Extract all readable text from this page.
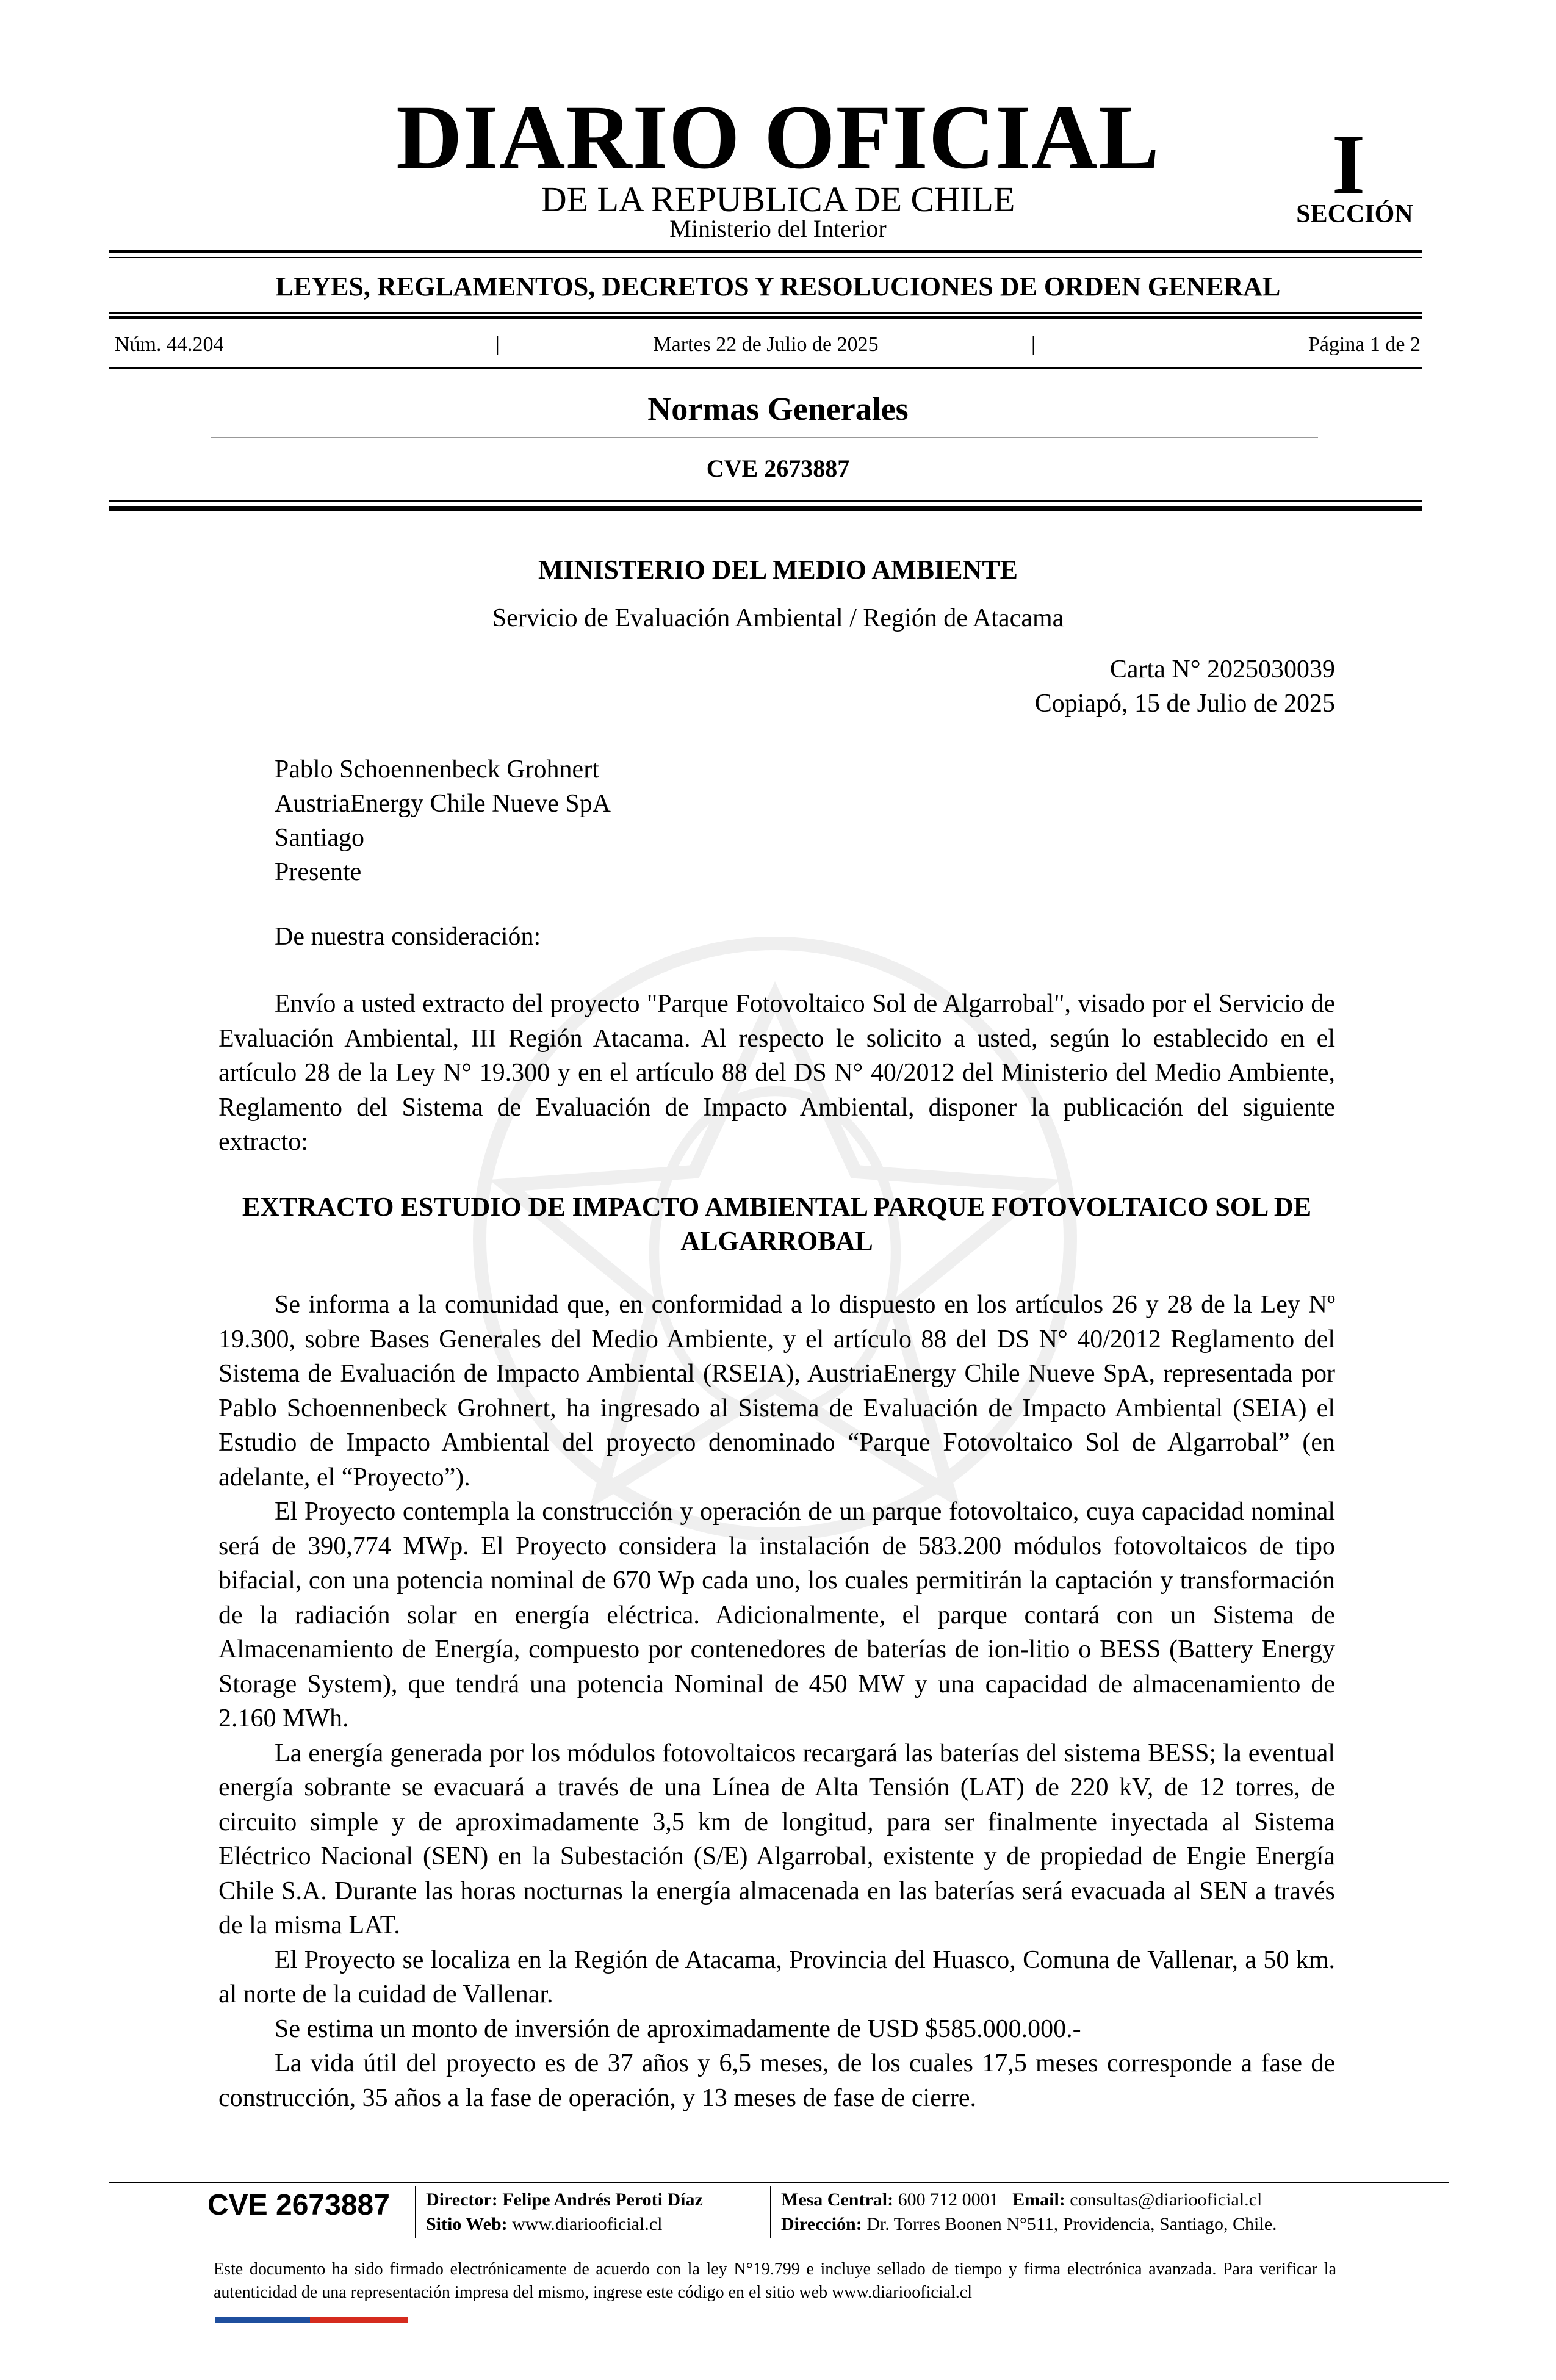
DIARIO OFICIAL
DE LA REPUBLICA DE CHILE
Ministerio del Interior
I
SECCIÓN
LEYES, REGLAMENTOS, DECRETOS Y RESOLUCIONES DE ORDEN GENERAL
Núm. 44.204	|	Martes 22 de Julio de 2025	|	Página 1 de 2
Normas Generales
CVE 2673887
MINISTERIO DEL MEDIO AMBIENTE
Servicio de Evaluación Ambiental / Región de Atacama
Carta N° 2025030039
Copiapó, 15 de Julio de 2025
Pablo Schoennenbeck Grohnert
AustriaEnergy Chile Nueve SpA
Santiago
Presente
De nuestra consideración:

Envío a usted extracto del proyecto "Parque Fotovoltaico Sol de Algarrobal", visado por el Servicio de Evaluación Ambiental, III Región Atacama. Al respecto le solicito a usted, según lo establecido en el artículo 28 de la Ley N° 19.300 y en el artículo 88 del DS N° 40/2012 del Ministerio del Medio Ambiente, Reglamento del Sistema de Evaluación de Impacto Ambiental, disponer la publicación del siguiente extracto:

EXTRACTO ESTUDIO DE IMPACTO AMBIENTAL PARQUE FOTOVOLTAICO SOL DE ALGARROBAL

Se informa a la comunidad que, en conformidad a lo dispuesto en los artículos 26 y 28 de la Ley Nº 19.300, sobre Bases Generales del Medio Ambiente, y el artículo 88 del DS N° 40/2012 Reglamento del Sistema de Evaluación de Impacto Ambiental (RSEIA), AustriaEnergy Chile Nueve SpA, representada por Pablo Schoennenbeck Grohnert, ha ingresado al Sistema de Evaluación de Impacto Ambiental (SEIA) el Estudio de Impacto Ambiental del proyecto denominado “Parque Fotovoltaico Sol de Algarrobal” (en adelante, el “Proyecto”).

El Proyecto contempla la construcción y operación de un parque fotovoltaico, cuya capacidad nominal será de 390,774 MWp. El Proyecto considera la instalación de 583.200 módulos fotovoltaicos de tipo bifacial, con una potencia nominal de 670 Wp cada uno, los cuales permitirán la captación y transformación de la radiación solar en energía eléctrica. Adicionalmente, el parque contará con un Sistema de Almacenamiento de Energía, compuesto por contenedores de baterías de ion-litio o BESS (Battery Energy Storage System), que tendrá una potencia Nominal de 450 MW y una capacidad de almacenamiento de 2.160 MWh.

La energía generada por los módulos fotovoltaicos recargará las baterías del sistema BESS; la eventual energía sobrante se evacuará a través de una Línea de Alta Tensión (LAT) de 220 kV, de 12 torres, de circuito simple y de aproximadamente 3,5 km de longitud, para ser finalmente inyectada al Sistema Eléctrico Nacional (SEN) en la Subestación (S/E) Algarrobal, existente y de propiedad de Engie Energía Chile S.A. Durante las horas nocturnas la energía almacenada en las baterías será evacuada al SEN a través de la misma LAT.

El Proyecto se localiza en la Región de Atacama, Provincia del Huasco, Comuna de Vallenar, a 50 km. al norte de la cuidad de Vallenar.

Se estima un monto de inversión de aproximadamente de USD $585.000.000.-

La vida útil del proyecto es de 37 años y 6,5 meses, de los cuales 17,5 meses corresponde a fase de construcción, 35 años a la fase de operación, y 13 meses de fase de cierre.

CVE 2673887 Director: Felipe Andrés Peroti Díaz
Sitio Web: www.diariooficial.cl
Mesa Central: 600 712 0001 Email: consultas@diariooficial.cl
Dirección: Dr. Torres Boonen N°511, Providencia, Santiago, Chile.
Este documento ha sido firmado electrónicamente de acuerdo con la ley N°19.799 e incluye sellado de tiempo y firma electrónica avanzada. Para verificar la autenticidad de una representación impresa del mismo, ingrese este código en el sitio web www.diariooficial.cl
